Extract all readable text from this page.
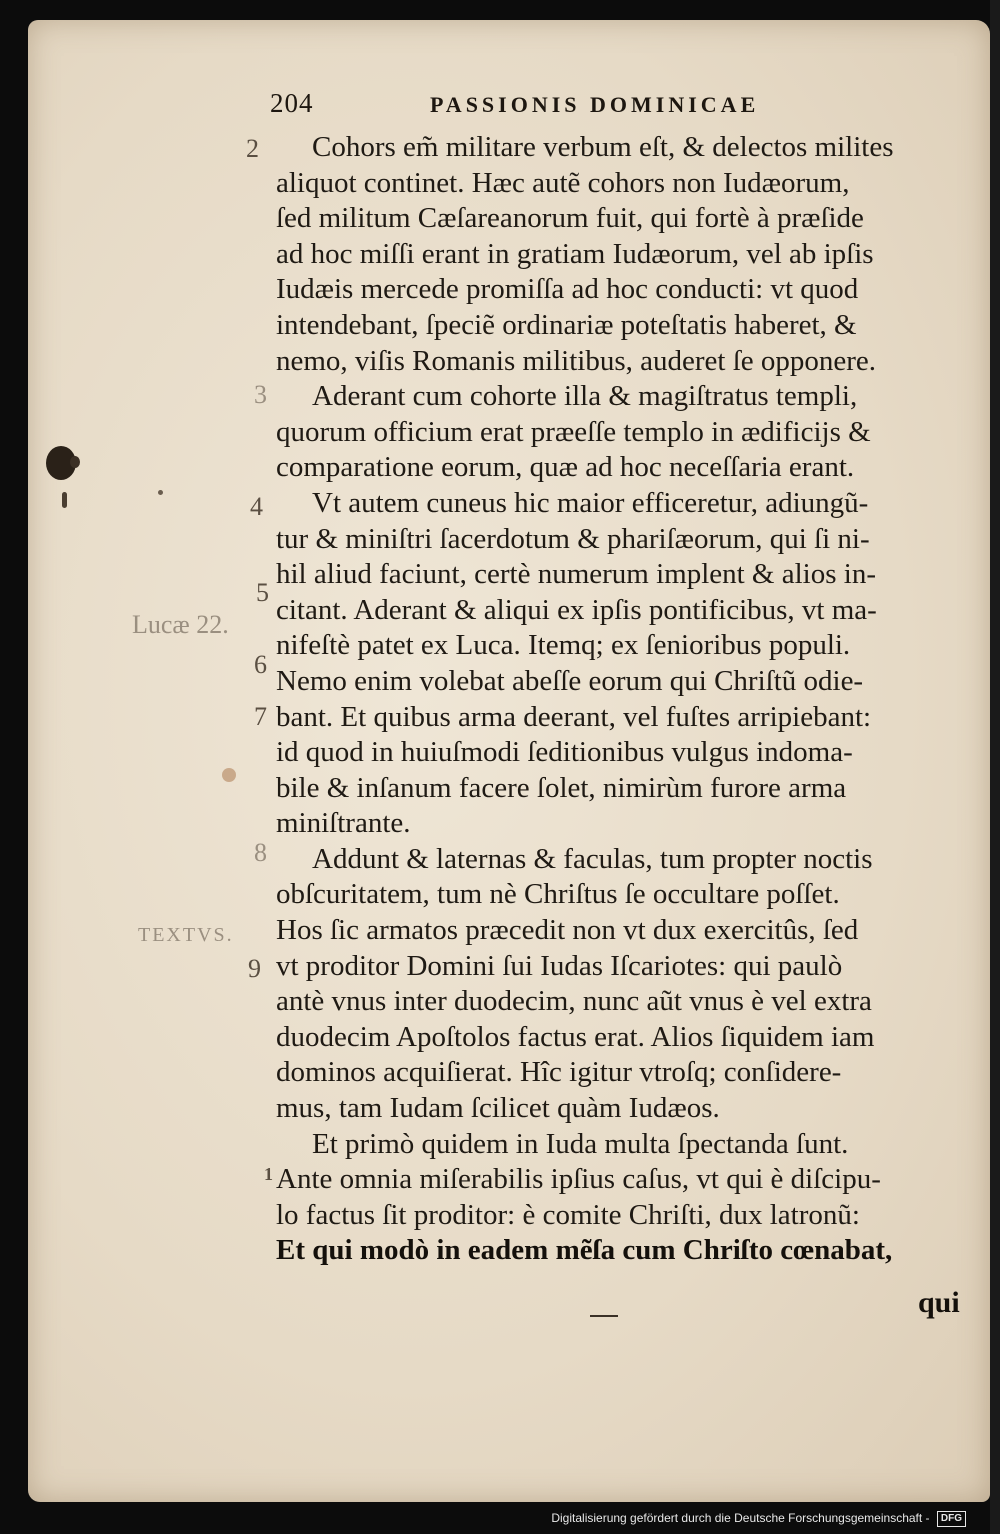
204	PASSIONIS DOMINICAE
2
3
4
5
6
7
8
9
1
Lucæ 22.
TEXTVS.
Cohors em̃ militare verbum eſt, & delectos milites
aliquot continet. Hæc autẽ cohors non Iudæorum,
ſed militum Cæſareanorum fuit, qui fortè à præſide
ad hoc miſſi erant in gratiam Iudæorum, vel ab ipſis
Iudæis mercede promiſſa ad hoc conducti: vt quod
intendebant, ſpeciẽ ordinariæ poteſtatis haberet, &
nemo, viſis Romanis militibus, auderet ſe opponere.
Aderant cum cohorte illa & magiſtratus templi,
quorum officium erat præeſſe templo in ædificijs &
comparatione eorum, quæ ad hoc neceſſaria erant.
Vt autem cuneus hic maior efficeretur, adiungũ-
tur & miniſtri ſacerdotum & phariſæorum, qui ſi ni-
hil aliud faciunt, certè numerum implent & alios in-
citant. Aderant & aliqui ex ipſis pontificibus, vt ma-
nifeſtè patet ex Luca. Itemq; ex ſenioribus populi.
Nemo enim volebat abeſſe eorum qui Chriſtũ odie-
bant. Et quibus arma deerant, vel fuſtes arripiebant:
id quod in huiuſmodi ſeditionibus vulgus indoma-
bile & inſanum facere ſolet, nimirùm furore arma
miniſtrante.
Addunt & laternas & faculas, tum propter noctis
obſcuritatem, tum nè Chriſtus ſe occultare poſſet.
Hos ſic armatos præcedit non vt dux exercitûs, ſed
vt proditor Domini ſui Iudas Iſcariotes: qui paulò
antè vnus inter duodecim, nunc aũt vnus è vel extra
duodecim Apoſtolos factus erat. Alios ſiquidem iam
dominos acquiſierat. Hîc igitur vtroſq; conſidere-
mus, tam Iudam ſcilicet quàm Iudæos.
Et primò quidem in Iuda multa ſpectanda ſunt.
Ante omnia miſerabilis ipſius caſus, vt qui è diſcipu-
lo factus ſit proditor: è comite Chriſti, dux latronũ:
Et qui modò in eadem mẽſa cum Chriſto cœnabat,
qui
Digitalisierung gefördert durch die Deutsche Forschungsgemeinschaft - DFG
